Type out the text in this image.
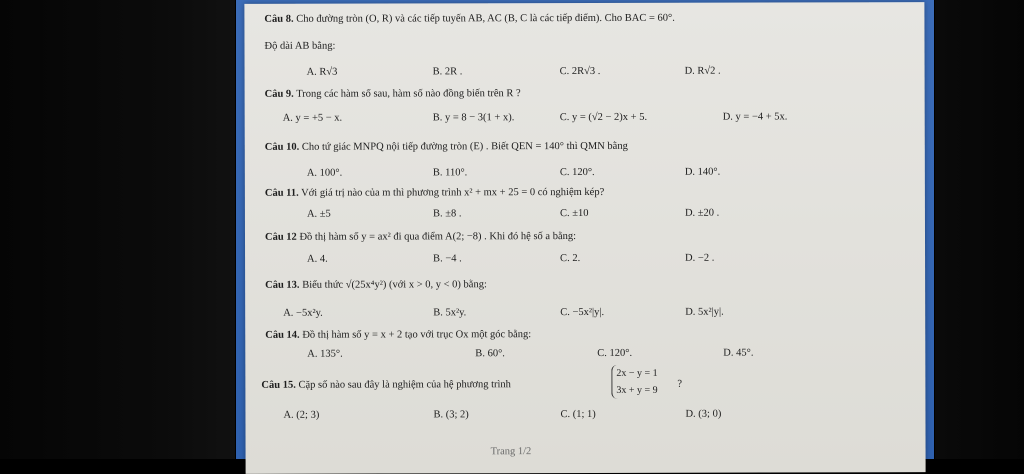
Câu 8. Cho đường tròn (O, R) và các tiếp tuyến AB, AC (B, C là các tiếp điểm). Cho BAC = 60°.
Độ dài AB bằng:
A. R√3	B. 2R .	C. 2R√3 .	D. R√2 .
Câu 9. Trong các hàm số sau, hàm số nào đồng biến trên R ?
A. y = +5 − x.	B. y = 8 − 3(1 + x).	C. y = (√2 − 2)x + 5.	D. y = −4 + 5x.
Câu 10. Cho tứ giác MNPQ nội tiếp đường tròn (E) . Biết QEN = 140° thì QMN bằng
A. 100°.	B. 110°.	C. 120°.	D. 140°.
Câu 11. Với giá trị nào của m thì phương trình x² + mx + 25 = 0 có nghiệm kép?
A. ±5	B. ±8 .	C. ±10	D. ±20 .
Câu 12 Đồ thị hàm số y = ax² đi qua điểm A(2; −8) . Khi đó hệ số a bằng:
A. 4.	B. −4 .	C. 2.	D. −2 .
Câu 13. Biểu thức √(25x⁴y²) (với x > 0, y < 0) bằng:
A. −5x²y.	B. 5x²y.	C. −5x²|y|.	D. 5x²|y|.
Câu 14. Đồ thị hàm số y = x + 2 tạo với trục Ox một góc bằng:
A. 135°.	B. 60°.	C. 120°.	D. 45°.
Câu 15. Cặp số nào sau đây là nghiệm của hệ phương trình
2x − y = 1
3x + y = 9
?
A. (2; 3)	B. (3; 2)	C. (1; 1)	D. (3; 0)
Trang 1/2
